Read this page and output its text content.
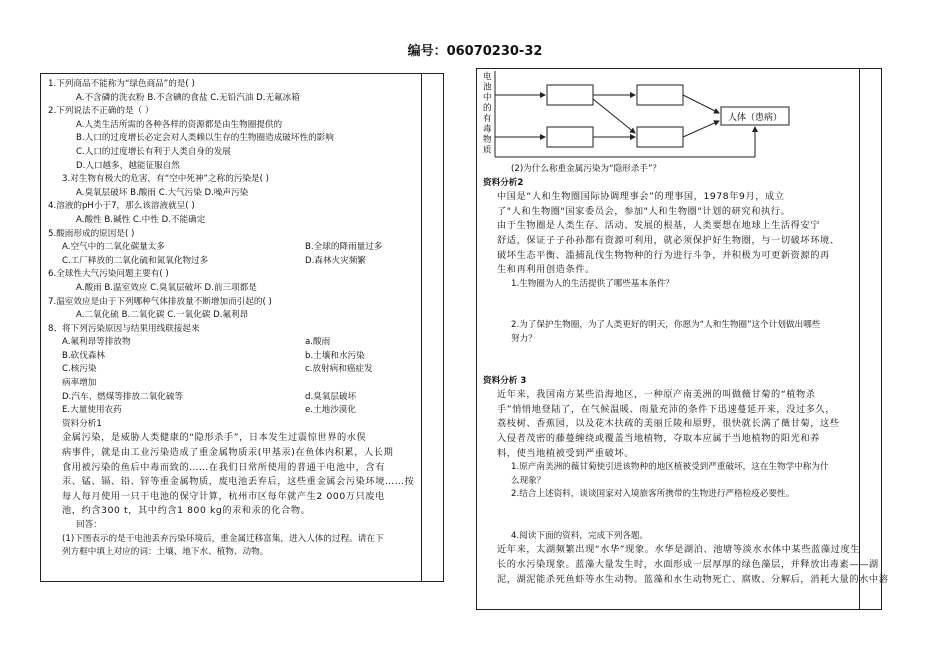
编号：06070230-32

1.下列商品不能称为“绿色商品”的是( )

A.不含磷的洗衣粉 B.不含碘的食盐 C.无铅汽油 D.无氟冰箱

2.下列说法不正确的是（ ）

A.人类生活所需的各种各样的资源都是由生物圈提供的

B.人口的过度增长必定会对人类赖以生存的生物圈造成破坏性的影响

C.人口的过度增长有利于人类自身的发展

D.人口越多，越能征服自然

3.对生物有极大的危害，有“空中死神”之称的污染是( )

A.臭氧层破坏 B.酸雨 C.大气污染 D.噪声污染

4.溶液的pH小于7，那么该溶液就呈( )

A.酸性 B.碱性 C.中性 D.不能确定

5.酸雨形成的原因是( )

A.空气中的二氧化碳量太多	B.全球的降雨量过多
C.工厂释放的二氧化硫和氮氧化物过多	D.森林火灾频繁

6.全球性大气污染问题主要有( )

A.酸雨 B.温室效应 C.臭氧层破坏 D.前三项都是

7.温室效应是由于下列哪种气体排放量不断增加而引起的( )

A.二氧化硫 B.二氧化碳 C.一氧化碳 D.氟利昂

8、将下列污染原因与结果用线联接起来

A.氟利昂等排放物	a.酸雨
B.砍伐森林	b.土壤和水污染
C.核污染	c.放射病和癌症发
病率增加
D.汽车、燃煤等排放二氧化硫等	d.臭氧层破坏
E.大量使用农药	e.土地沙漠化

资料分析1

金属污染，是威胁人类健康的“隐形杀手”，日本发生过震惊世界的水俣

病事件，就是由工业污染造成了重金属物质汞(甲基汞)在鱼体内积累，人长期

食用被污染的鱼后中毒而致的……在我们日常所使用的普通干电池中，含有

汞、锰、镉、铅、锌等重金属物质，废电池丢弃后，这些重金属会污染环境……按

每人每月使用一只干电池的保守计算，杭州市区每年就产生2 000万只废电

池，约含300 t，其中约含1 800 kg的汞和汞的化合物。

回答：

(1)下图表示的是干电池丢弃污染环境后，重金属迁移富集，进入人体的过程。请在下

列方框中填上对应的词：土壤、地下水、植物、动物。

电
池
中
的
有
毒
物
质
人体（患病）

(2)为什么称重金属污染为“隐形杀手”？

资料分析2

中国是“人和生物圈国际协调理事会”的理事国，1978年9月，成立

了"人和生物圈"国家委员会，参加"人和生物圈"计划的研究和执行。

由于生物圈是人类生存、活动、发展的根基，人类要想在地球上生活得安宁

舒适，保证子子孙孙都有资源可利用，就必须保护好生物圈，与一切破坏环境、

破坏生态平衡、滥捕乱伐生物物种的行为进行斗争，并积极为可更新资源的再

生和再利用创造条件。

1.生物圈为人的生活提供了哪些基本条件？

2.为了保护生物圈，为了人类更好的明天，你愿为“人和生物圈”这个计划做出哪些

努力？

资料分析 3

近年来，我国南方某些沿海地区，一种原产南美洲的叫做薇甘菊的“植物杀

手”悄悄地登陆了，在气候温暖、雨量充沛的条件下迅速蔓延开来，没过多久，

荔枝树、香蕉园，以及花木扶疏的美丽丘陵和原野，很快就长满了薇甘菊，这些

入侵者茂密的藤蔓缠绕或覆盖当地植物，夺取本应属于当地植物的阳光和养

料，使当地植被受到严重破坏。

1.原产南美洲的薇甘菊使引进该物种的地区植被受到严重破坏，这在生物学中称为什

么现象？

2.结合上述资料，谈谈国家对入境旅客所携带的生物进行严格检疫必要性。

4.阅读下面的资料，完成下列各题。

近年来，太湖频繁出现“水华”现象。水华是湖泊、池塘等淡水水体中某些蓝藻过度生

长的水污染现象。蓝藻大量发生时，水面形成一层厚厚的绿色藻层，并释放出毒素——湖

泥，湖泥能杀死鱼虾等水生动物。蓝藻和水生动物死亡、腐败、分解后，消耗大量的水中溶
